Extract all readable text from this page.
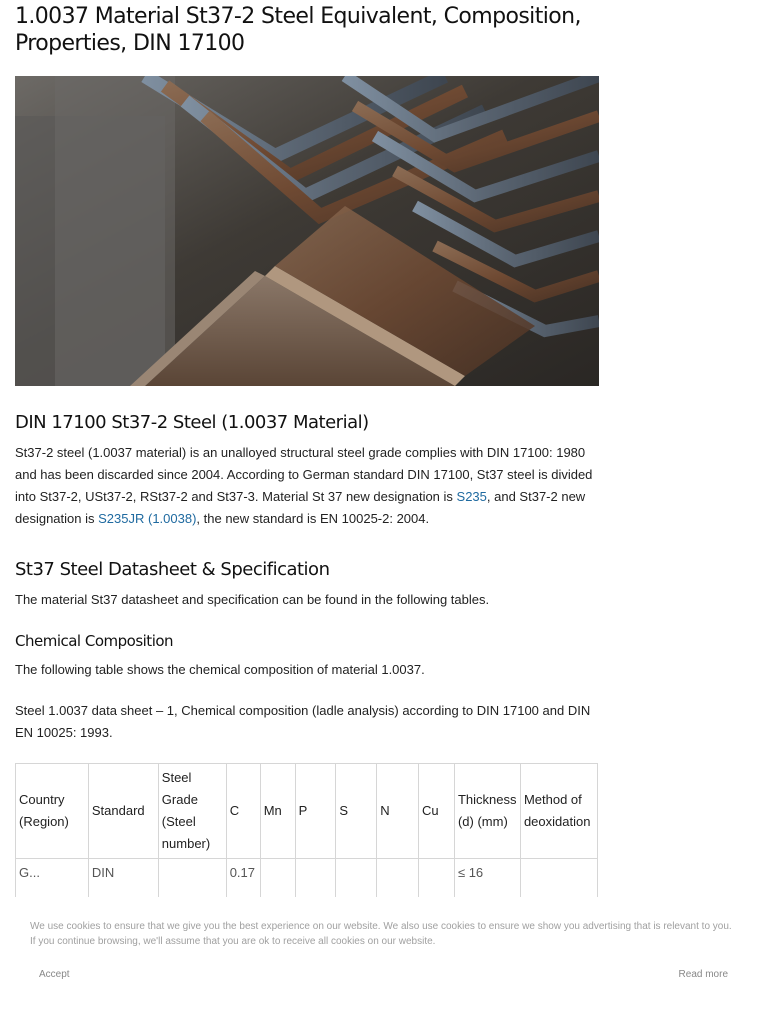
1.0037 Material St37-2 Steel Equivalent, Composition, Properties, DIN 17100
DIN 17100 St37-2 Steel (1.0037 Material)

St37-2 steel (1.0037 material) is an unalloyed structural steel grade complies with DIN 17100: 1980 and has been discarded since 2004. According to German standard DIN 17100, St37 steel is divided into St37-2, USt37-2, RSt37-2 and St37-3. Material St 37 new designation is S235, and St37-2 new designation is S235JR (1.0038), the new standard is EN 10025-2: 2004.

St37 Steel Datasheet & Specification

The material St37 datasheet and specification can be found in the following tables.

Chemical Composition

The following table shows the chemical composition of material 1.0037.

Steel 1.0037 data sheet – 1, Chemical composition (ladle analysis) according to DIN 17100 and DIN EN 10025: 1993.

Country (Region)	Standard	Steel Grade (Steel number)	C	Mn	P	S	N	Cu	Thickness (d) (mm)	Method of deoxidation
G...	DIN		0.17						≤ 16	
We use cookies to ensure that we give you the best experience on our website. We also use cookies to ensure we show you advertising that is relevant to you. If you continue browsing, we'll assume that you are ok to receive all cookies on our website.
Accept	Read more
